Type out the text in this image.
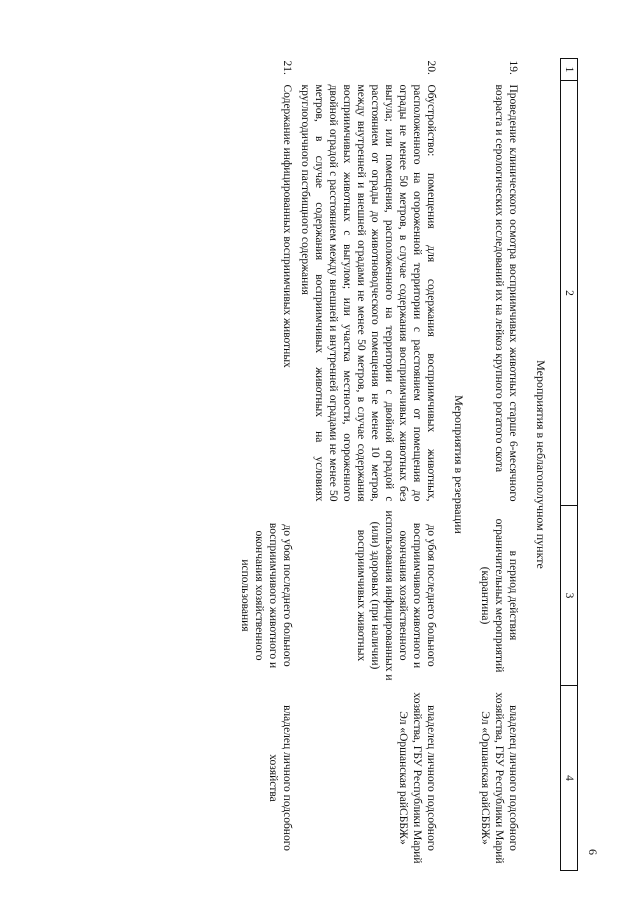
6
1	2	3	4
Мероприятия в неблагополучном пункте			
19.	Проведение клинического осмотра восприимчивых животных старше 6-месячного возраста и серологических исследований их на лейкоз крупного рогатого скота	в период действия ограничительных мероприятий (карантина)	владелец личного подсобного хозяйства, ГБУ Республики Марий Эл «Оршанская райСББЖ»
Мероприятия в резервации			
20.	Обустройство: помещения для содержания восприимчивых животных, расположенного на огороженной территории с расстоянием от помещения до ограды не менее 50 метров, в случае содержания восприимчивых животных без выгула; или помещения, расположенного на территории с двойной оградой с расстоянием от ограды до животноводческого помещения не менее 10 метров, между внутренней и внешней оградами не менее 50 метров, в случае содержания восприимчивых животных с выгулом; или участка местности, огороженного двойной оградой с расстоянием между внешней и внутренней оградами не менее 50 метров, в случае содержания восприимчивых животных на условиях круглогодичного пастбищного содержания	до убоя последнего больного восприимчивого животного и окончания хозяйственного использования инфицированных и (или) здоровых (при наличии) восприимчивых животных	владелец личного подсобного хозяйства, ГБУ Республики Марий Эл «Оршанская райСББЖ»
21.	Содержание инфицированных восприимчивых животных	до убоя последнего больного восприимчивого животного и окончания хозяйственного использования	владелец личного подсобного хозяйства
